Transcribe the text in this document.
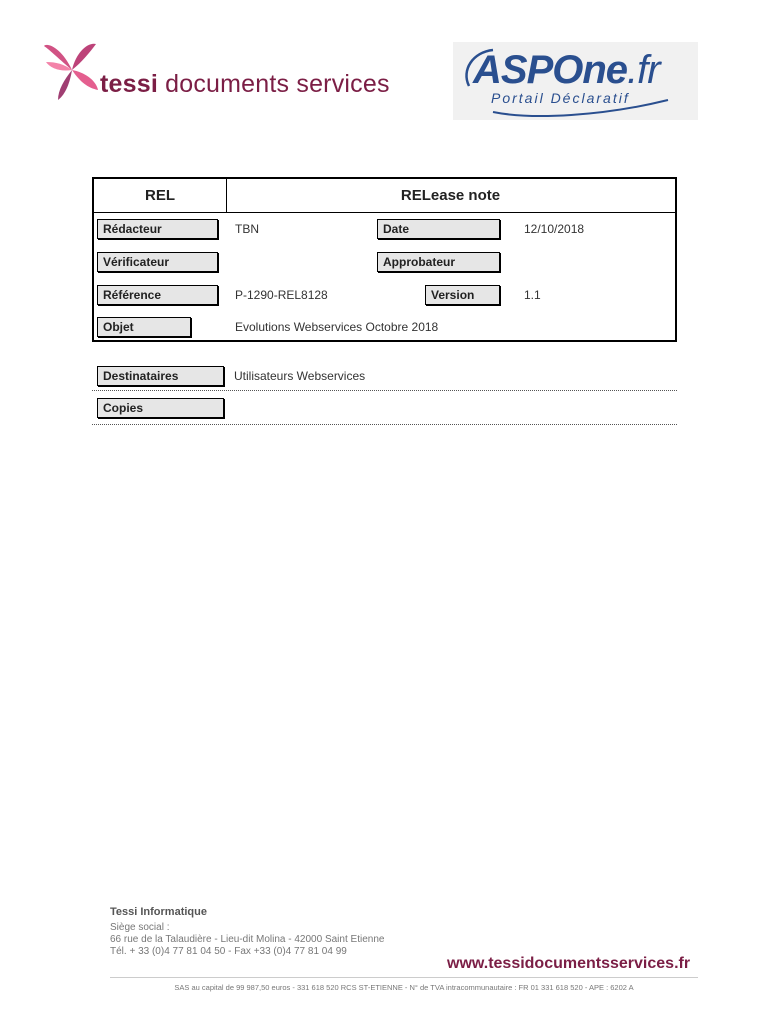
tessi documents services ASPOne.fr
Portail Déclaratif
REL	RELease note
Rédacteur	TBN	Date	12/10/2018
Vérificateur	Approbateur
Référence	P-1290-REL8128	Version	1.1
Objet	Evolutions Webservices Octobre 2018
Destinataires	Utilisateurs Webservices
Copies
Tessi Informatique
Siège social :
66 rue de la Talaudière - Lieu-dit Molina - 42000 Saint Etienne
Tél. + 33 (0)4 77 81 04 50 - Fax +33 (0)4 77 81 04 99
www.tessidocumentsservices.fr
SAS au capital de 99 987,50 euros - 331 618 520 RCS ST-ETIENNE - N° de TVA intracommunautaire : FR 01 331 618 520 - APE : 6202 A
